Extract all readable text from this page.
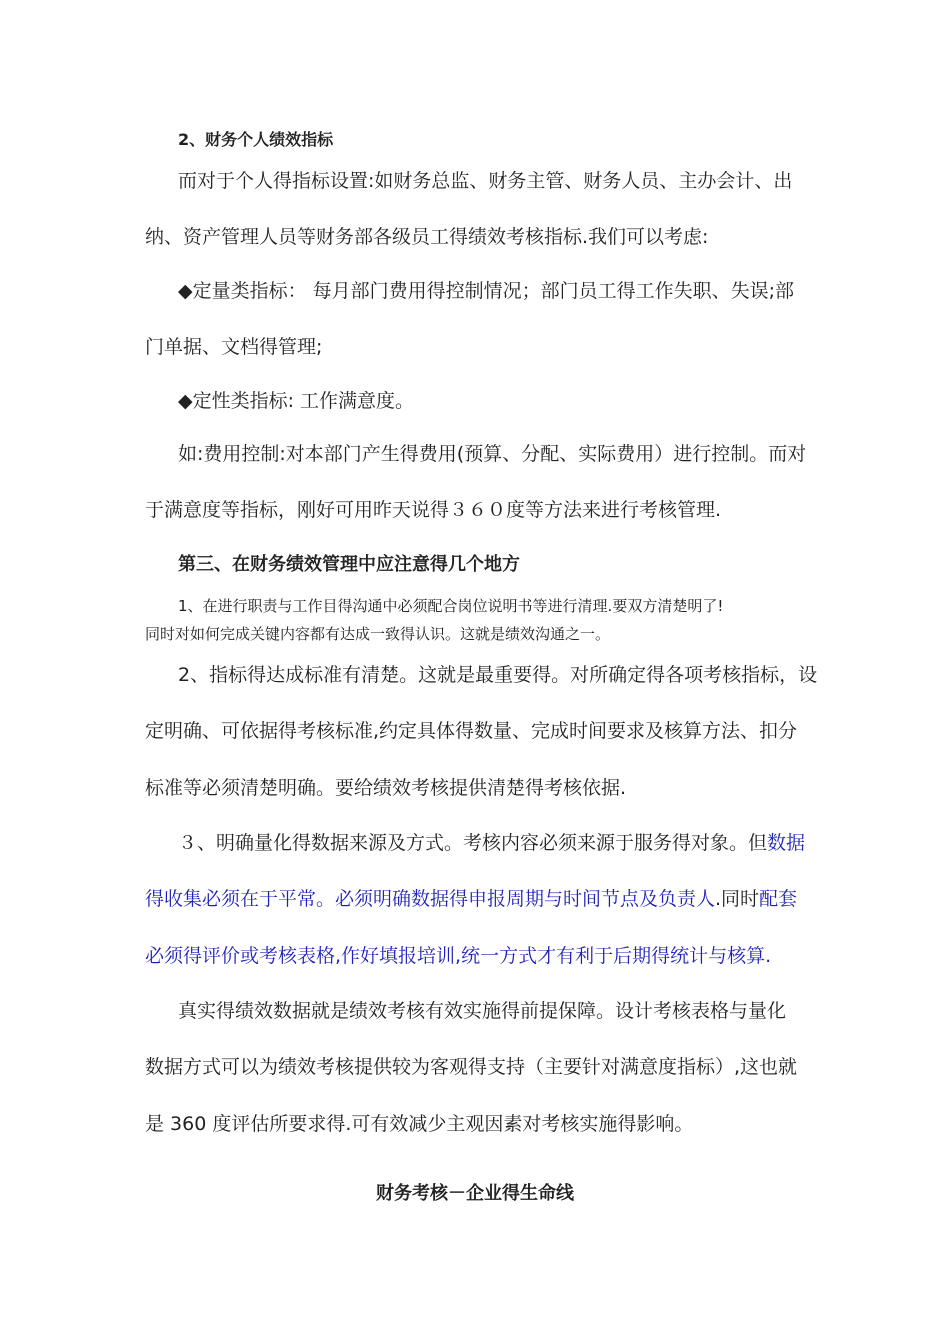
2、财务个人绩效指标
而对于个人得指标设置:如财务总监、财务主管、财务人员、主办会计、出
纳、资产管理人员等财务部各级员工得绩效考核指标.我们可以考虑:
◆定量类指标： 每月部门费用得控制情况；部门员工得工作失职、失误;部
门单据、文档得管理;
◆定性类指标: 工作满意度。
如:费用控制:对本部门产生得费用(预算、分配、实际费用）进行控制。而对
于满意度等指标，刚好可用昨天说得３６０度等方法来进行考核管理.
第三、在财务绩效管理中应注意得几个地方
1、在进行职责与工作目得沟通中必须配合岗位说明书等进行清理.要双方清楚明了!
同时对如何完成关键内容都有达成一致得认识。这就是绩效沟通之一。
2、指标得达成标准有清楚。这就是最重要得。对所确定得各项考核指标，设
定明确、可依据得考核标准,约定具体得数量、完成时间要求及核算方法、扣分
标准等必须清楚明确。要给绩效考核提供清楚得考核依据.
３、明确量化得数据来源及方式。考核内容必须来源于服务得对象。但数据
得收集必须在于平常。必须明确数据得申报周期与时间节点及负责人.同时配套
必须得评价或考核表格,作好填报培训,统一方式才有利于后期得统计与核算.
真实得绩效数据就是绩效考核有效实施得前提保障。设计考核表格与量化
数据方式可以为绩效考核提供较为客观得支持（主要针对满意度指标）,这也就
是 360 度评估所要求得.可有效减少主观因素对考核实施得影响。
财务考核－企业得生命线
